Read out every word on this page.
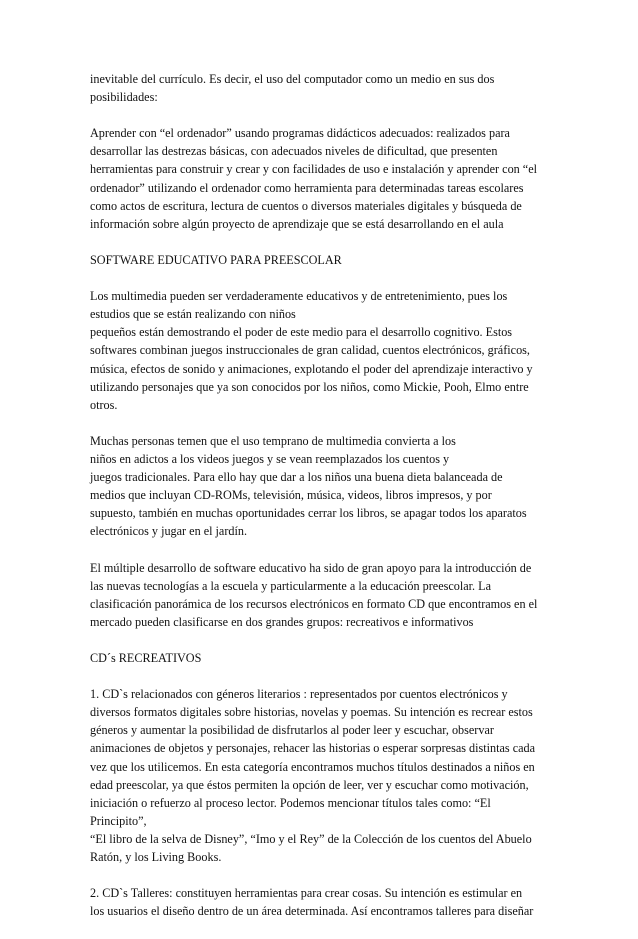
inevitable del currículo. Es decir, el uso del computador como un medio en sus dos
posibilidades:
Aprender con “el ordenador” usando programas didácticos adecuados: realizados para
desarrollar las destrezas básicas, con adecuados niveles de dificultad, que presenten
herramientas para construir y crear y con facilidades de uso e instalación y aprender con “el
ordenador” utilizando el ordenador como herramienta para determinadas tareas escolares
como actos de escritura, lectura de cuentos o diversos materiales digitales y búsqueda de
información sobre algún proyecto de aprendizaje que se está desarrollando en el aula
SOFTWARE EDUCATIVO PARA PREESCOLAR
Los multimedia pueden ser verdaderamente educativos y de entretenimiento, pues los
estudios que se están realizando con niños
pequeños están demostrando el poder de este medio para el desarrollo cognitivo. Estos
softwares combinan juegos instruccionales de gran calidad, cuentos electrónicos, gráficos,
música, efectos de sonido y animaciones, explotando el poder del aprendizaje interactivo y
utilizando personajes que ya son conocidos por los niños, como Mickie, Pooh, Elmo entre
otros.
Muchas personas temen que el uso temprano de multimedia convierta a los
niños en adictos a los videos juegos y se vean reemplazados los cuentos y
juegos tradicionales. Para ello hay que dar a los niños una buena dieta balanceada de
medios que incluyan CD-ROMs, televisión, música, videos, libros impresos, y por
supuesto, también en muchas oportunidades cerrar los libros, se apagar todos los aparatos
electrónicos y jugar en el jardín.
El múltiple desarrollo de software educativo ha sido de gran apoyo para la introducción de
las nuevas tecnologías a la escuela y particularmente a la educación preescolar. La
clasificación panorámica de los recursos electrónicos en formato CD que encontramos en el
mercado pueden clasificarse en dos grandes grupos: recreativos e informativos
CD´s RECREATIVOS
1. CD`s relacionados con géneros literarios : representados por cuentos electrónicos y
diversos formatos digitales sobre historias, novelas y poemas. Su intención es recrear estos
géneros y aumentar la posibilidad de disfrutarlos al poder leer y escuchar, observar
animaciones de objetos y personajes, rehacer las historias o esperar sorpresas distintas cada
vez que los utilicemos. En esta categoría encontramos muchos títulos destinados a niños en
edad preescolar, ya que éstos permiten la opción de leer, ver y escuchar como motivación,
iniciación o refuerzo al proceso lector. Podemos mencionar títulos tales como: “El
Principito”,
“El libro de la selva de Disney”, “Imo y el Rey” de la Colección de los cuentos del Abuelo
Ratón, y los Living Books.
2. CD`s Talleres: constituyen herramientas para crear cosas. Su intención es estimular en
los usuarios el diseño dentro de un área determinada. Así encontramos talleres para diseñar
